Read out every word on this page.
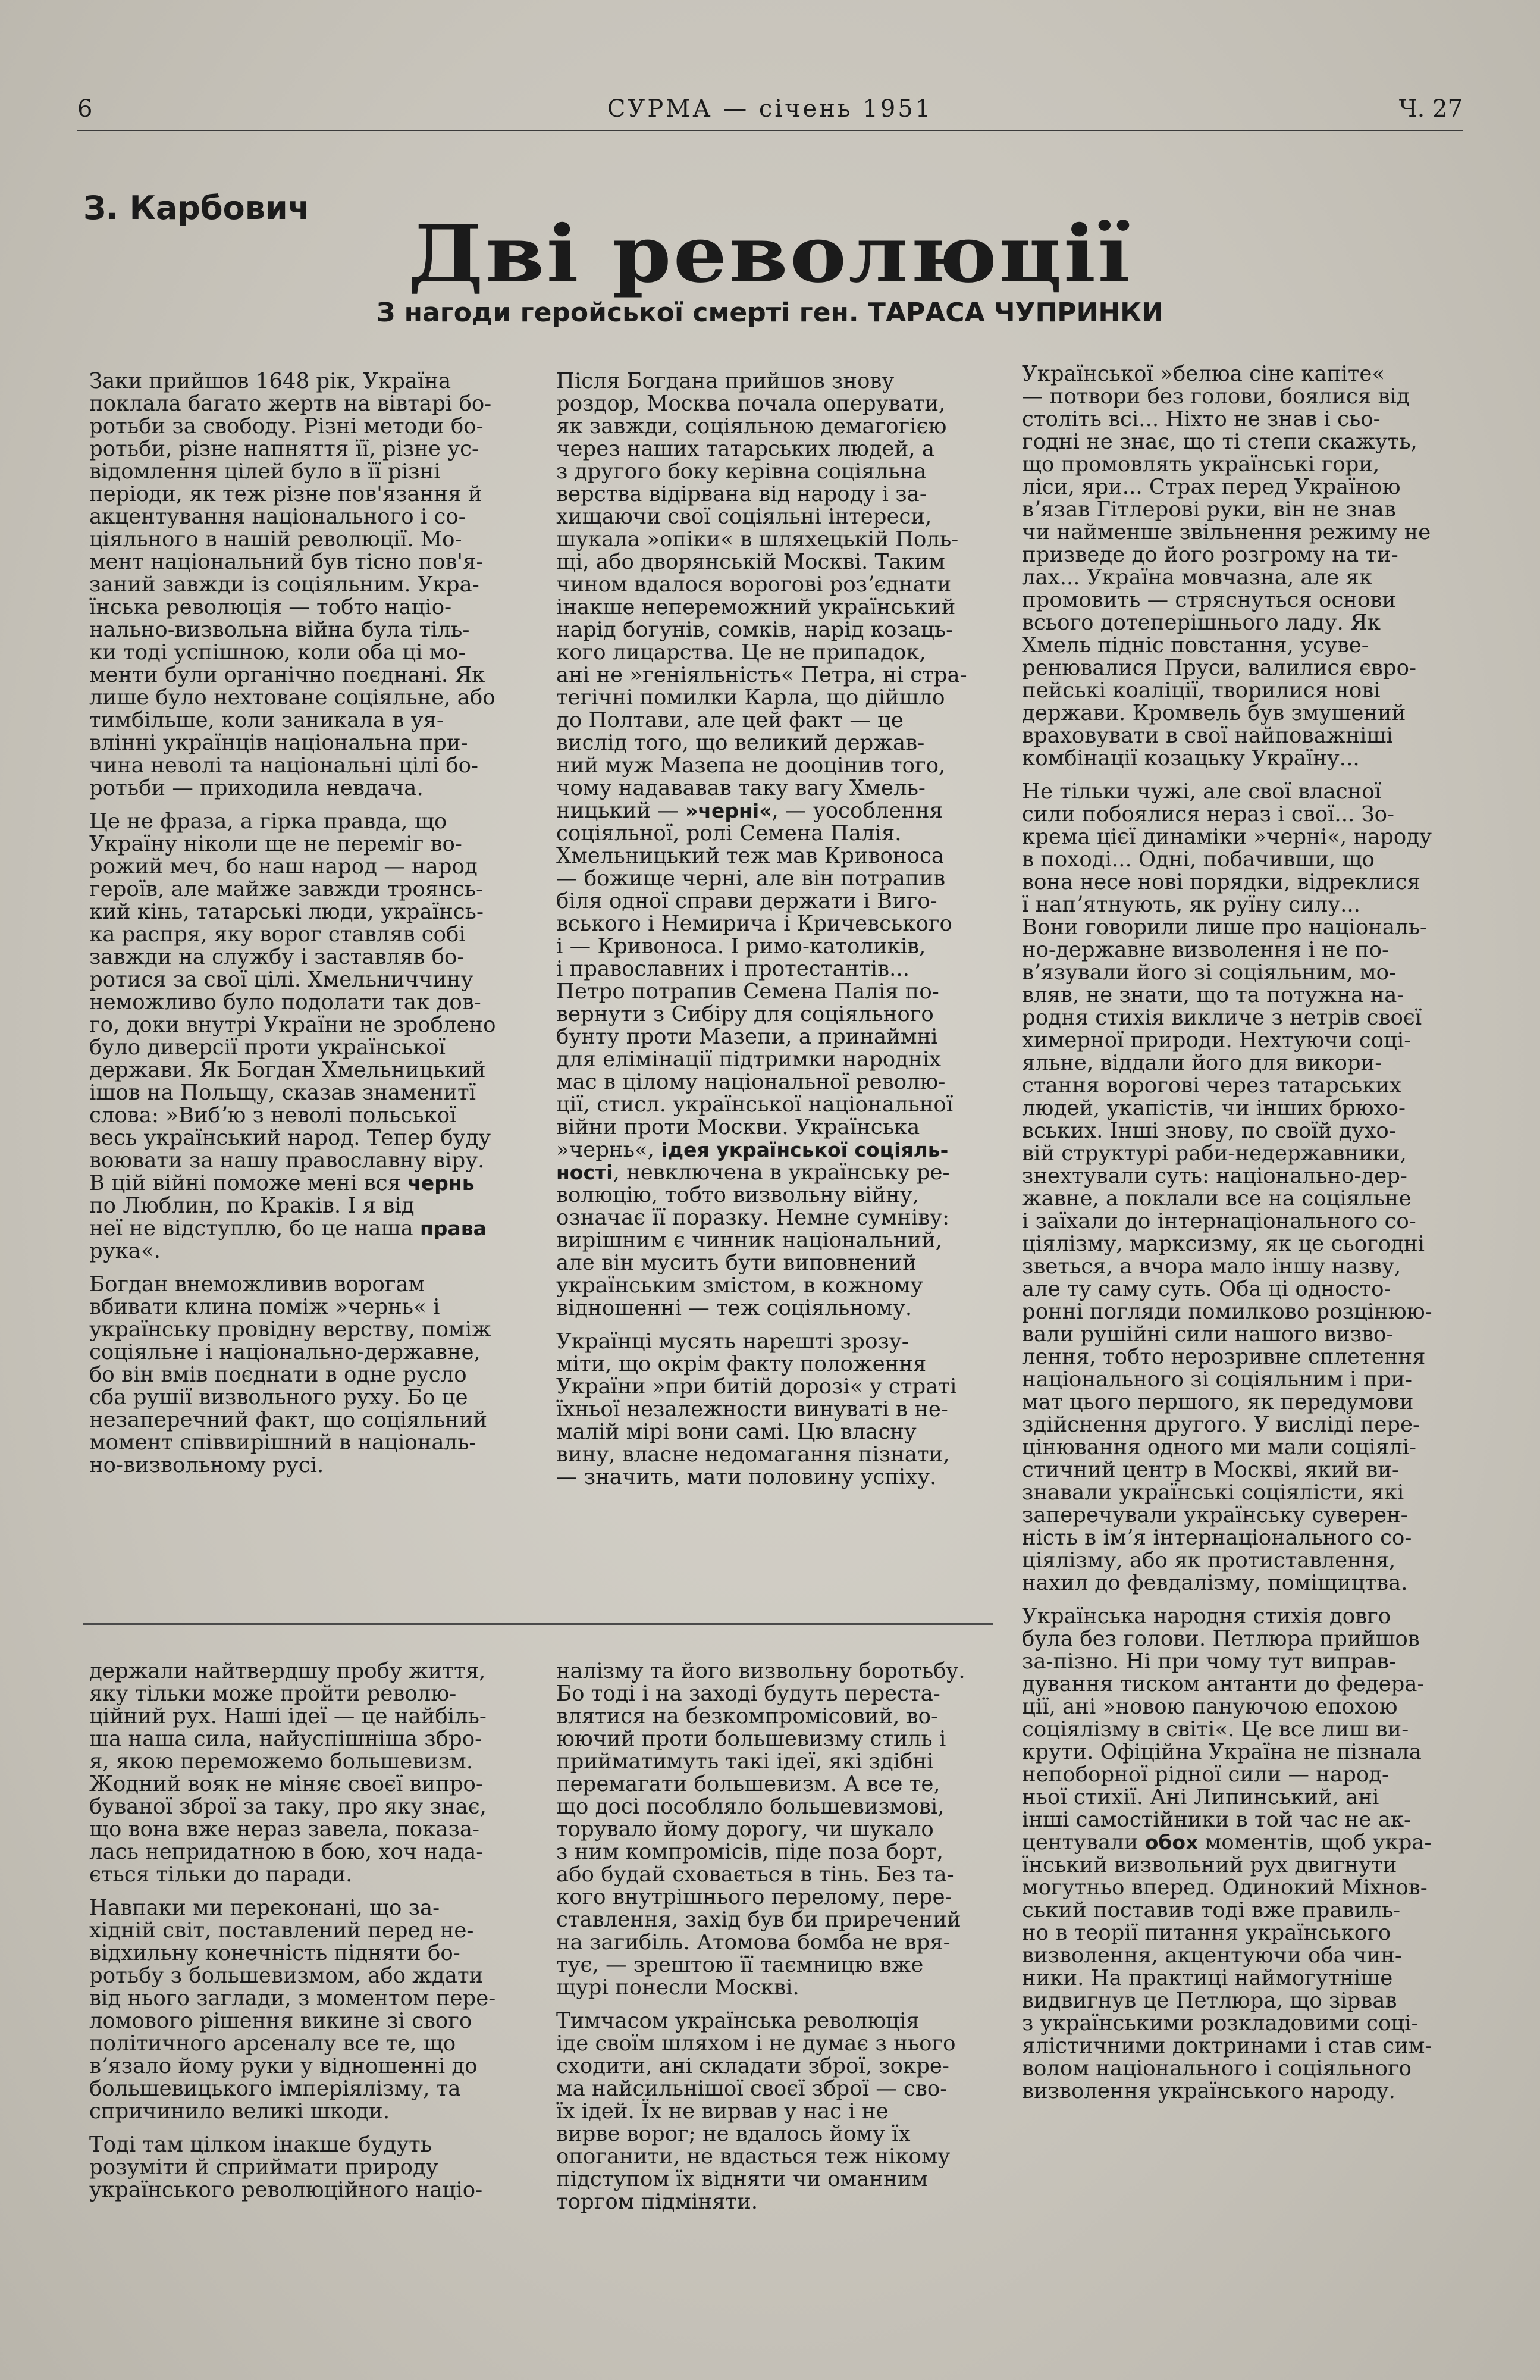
6	СУРМА — січень 1951	Ч. 27
З. Карбович
Дві революції
З нагоди геройської смерті ген. ТАРАСА ЧУПРИНКИ
Заки прийшов 1648 рік, Україна
поклала багато жертв на вівтарі бо-
ротьби за свободу. Різні методи бо-
ротьби, різне напняття її, різне ус-
відомлення цілей було в її різні
періоди, як теж різне пов'язання й
акцентування національного і со-
ціяльного в нашій революції. Мо-
мент національний був тісно пов'я-
заний завжди із соціяльним. Укра-
їнська революція — тобто націо-
нально-визвольна війна була тіль-
ки тоді успішною, коли оба ці мо-
менти були органічно поєднані. Як
лише було нехтоване соціяльне, або
тимбільше, коли заникала в уя-
влінні українців національна при-
чина неволі та національні цілі бо-
ротьби — приходила невдача.
Це не фраза, а гірка правда, що
Україну ніколи ще не переміг во-
рожий меч, бо наш народ — народ
героїв, але майже завжди троянсь-
кий кінь, татарські люди, українсь-
ка распря, яку ворог ставляв собі
завжди на службу і заставляв бо-
ротися за свої цілі. Хмельниччину
неможливо було подолати так дов-
го, доки внутрі України не зроблено
було диверсії проти української
держави. Як Богдан Хмельницький
ішов на Польщу, сказав знаменитї
слова: »Вибʼю з неволі польської
весь український народ. Тепер буду
воювати за нашу православну віру.
В цій війні поможе мені вся чернь
по Люблин, по Краків. І я від
неї не відступлю, бо це наша права
рука«.
Богдан внеможливив ворогам
вбивати клина поміж »чернь« і
українську провідну верству, поміж
соціяльне і національно-державне,
бо він вмів поєднати в одне русло
сба рушії визвольного руху. Бо це
незаперечний факт, що соціяльний
момент співвирішний в національ-
но-визвольному русі.
Після Богдана прийшов знову
роздор, Москва почала оперувати,
як завжди, соціяльною демагогією
через наших татарських людей, а
з другого боку керівна соціяльна
верства відірвана від народу і за-
хищаючи свої соціяльні інтереси,
шукала »опіки« в шляхецькій Поль-
щі, або дворянській Москві. Таким
чином вдалося ворогові розʼєднати
інакше непереможний український
нарід богунів, сомків, нарід козаць-
кого лицарства. Це не припадок,
ані не »геніяльність« Петра, ні стра-
тегічні помилки Карла, що дійшло
до Полтави, але цей факт — це
вислід того, що великий держав-
ний муж Мазепа не дооцінив того,
чому надававав таку вагу Хмель-
ницький — »черні«, — уособлення
соціяльної, ролі Семена Палія.
Хмельницький теж мав Кривоноса
— божище черні, але він потрапив
біля одної справи держати і Виго-
вського і Немирича і Кричевського
і — Кривоноса. І римо-католиків,
і православних і протестантів...
Петро потрапив Семена Палія по-
вернути з Сибіру для соціяльного
бунту проти Мазепи, а принаймні
для елімінації підтримки народніх
мас в цілому національної револю-
ції, стисл. української національної
війни проти Москви. Українська
»чернь«, ідея української соціяль-
ності, невключена в українську ре-
волюцію, тобто визвольну війну,
означає її поразку. Немне сумніву:
вирішним є чинник національний,
але він мусить бути виповнений
українським змістом, в кожному
відношенні — теж соціяльному.
Українці мусять нарешті зрозу-
міти, що окрім факту положення
України »при битій дорозі« у страті
їхньої незалежности винуваті в не-
малій мірі вони самі. Цю власну
вину, власне недомагання пізнати,
— значить, мати половину успіху.
Української »белюа сіне капіте«
— потвори без голови, боялися від
століть всі... Ніхто не знав і сьо-
годні не знає, що ті степи скажуть,
що промовлять українські гори,
ліси, яри... Страх перед Україною
вʼязав Гітлерові руки, він не знав
чи найменше звільнення режиму не
призведе до його розгрому на ти-
лах... Україна мовчазна, але як
промовить — стряснуться основи
всього дотеперішнього ладу. Як
Хмель підніс повстання, усуве-
ренювалися Пруси, валилися євро-
пейські коаліції, творилися нові
держави. Кромвель був змушений
враховувати в свої найповажніші
комбінації козацьку Україну...
Не тільки чужі, але свої власної
сили побоялися нераз і свої... Зо-
крема цієї динаміки »черні«, народу
в поході... Одні, побачивши, що
вона несе нові порядки, відреклися
ї напʼятнують, як руїну силу...
Вони говорили лише про національ-
но-державне визволення і не по-
вʼязували його зі соціяльним, мо-
вляв, не знати, що та потужна на-
родня стихія викличе з нетрів своєї
химерної природи. Нехтуючи соці-
яльне, віддали його для викори-
стання ворогові через татарських
людей, укапістів, чи інших брюхо-
вських. Інші знову, по своїй духо-
вій структурі раби-недержавники,
знехтували суть: національно-дер-
жавне, а поклали все на соціяльне
і заїхали до інтернаціонального со-
ціялізму, марксизму, як це сьогодні
зветься, а вчора мало іншу назву,
але ту саму суть. Оба ці односто-
ронні погляди помилково розцінюю-
вали рушійні сили нашого визво-
лення, тобто нерозривне сплетення
національного зі соціяльним і при-
мат цього першого, як передумови
здійснення другого. У висліді пере-
цінювання одного ми мали соціялі-
стичний центр в Москві, який ви-
знавали українські соціялісти, які
заперечували українську суверен-
ність в імʼя інтернаціонального со-
ціялізму, або як протиставлення,
нахил до февдалізму, поміщицтва.
Українська народня стихія довго
була без голови. Петлюра прийшов
за-пізно. Ні при чому тут виправ-
дування тиском антанти до федера-
ції, ані »новою пануючою епохою
соціялізму в світі«. Це все лиш ви-
крути. Офіційна Україна не пізнала
непоборної рідної сили — народ-
ньої стихії. Ані Липинський, ані
інші самостійники в той час не ак-
центували обох моментів, щоб укра-
їнський визвольний рух двигнути
могутньо вперед. Одинокий Міхнов-
ський поставив тоді вже правиль-
но в теорії питання українського
визволення, акцентуючи оба чин-
ники. На практиці наймогутніше
видвигнув це Петлюра, що зірвав
з українськими розкладовими соці-
ялістичними доктринами і став сим-
волом національного і соціяльного
визволення українського народу.
держали найтвердшу пробу життя,
яку тільки може пройти револю-
ційний рух. Наші ідеї — це найбіль-
ша наша сила, найуспішніша збро-
я, якою переможемо большевизм.
Жодний вояк не міняє своєї випро-
буваної зброї за таку, про яку знає,
що вона вже нераз завела, показа-
лась непридатною в бою, хоч нада-
ється тільки до паради.
Навпаки ми переконані, що за-
хідній світ, поставлений перед не-
відхильну конечність підняти бо-
ротьбу з большевизмом, або ждати
від нього заглади, з моментом пере-
ломового рішення викине зі свого
політичного арсеналу все те, що
вʼязало йому руки у відношенні до
большевицького імперіялізму, та
спричинило великі шкоди.
Тоді там цілком інакше будуть
розуміти й сприймати природу
українського революційного націо-
налізму та його визвольну боротьбу.
Бо тоді і на заході будуть переста-
влятися на безкомпромісовий, во-
юючий проти большевизму стиль і
прийматимуть такі ідеї, які здібні
перемагати большевизм. А все те,
що досі пособляло большевизмові,
торувало йому дорогу, чи шукало
з ним компромісів, піде поза борт,
або будай сховається в тінь. Без та-
кого внутрішнього перелому, пере-
ставлення, захід був би приречений
на загибіль. Атомова бомба не вря-
тує, — зрештою її таємницю вже
щурі понесли Москві.
Тимчасом українська революція
іде своїм шляхом і не думає з нього
сходити, ані складати зброї, зокре-
ма найсильнішої своєї зброї — сво-
їх ідей. Їх не вирвав у нас і не
вирве ворог; не вдалось йому їх
опоганити, не вдасться теж нікому
підступом їх відняти чи оманним
торгом підміняти.
